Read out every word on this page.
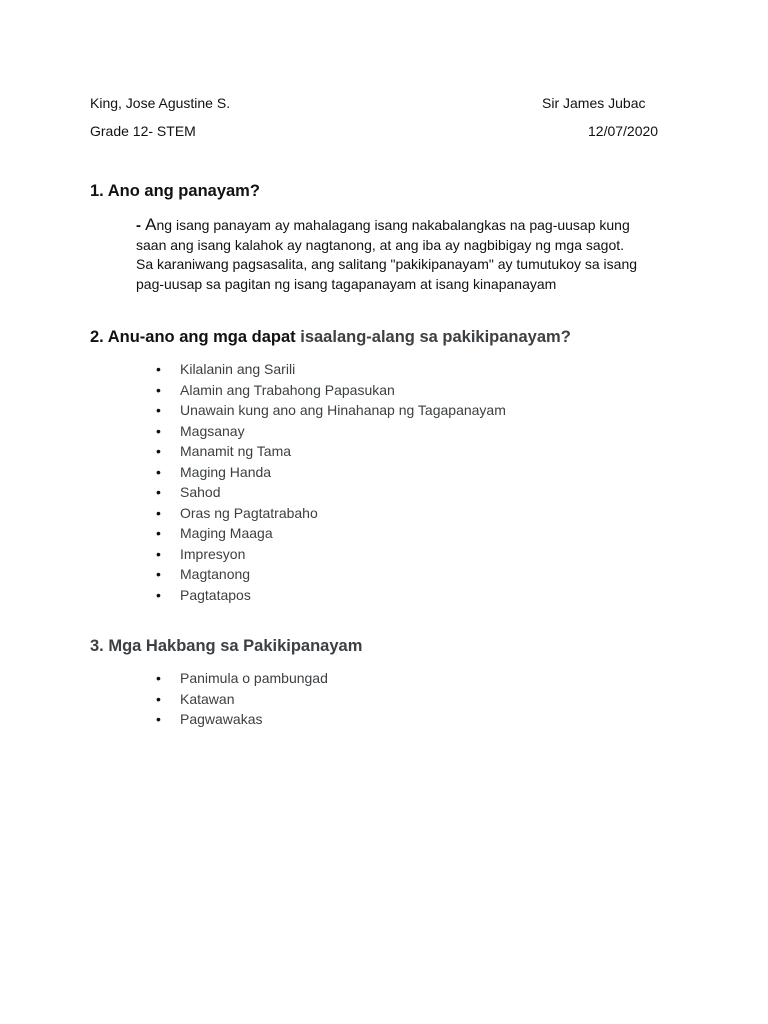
King, Jose Agustine S.	Sir James Jubac
Grade 12- STEM	12/07/2020
1. Ano ang panayam?
- Ang isang panayam ay mahalagang isang nakabalangkas na pag-uusap kung
saan ang isang kalahok ay nagtanong, at ang iba ay nagbibigay ng mga sagot.
Sa karaniwang pagsasalita, ang salitang "pakikipanayam" ay tumutukoy sa isang
pag-uusap sa pagitan ng isang tagapanayam at isang kinapanayam
2. Anu-ano ang mga dapat isaalang-alang sa pakikipanayam?
•	Kilalanin ang Sarili
•	Alamin ang Trabahong Papasukan
•	Unawain kung ano ang Hinahanap ng Tagapanayam
•	Magsanay
•	Manamit ng Tama
•	Maging Handa
•	Sahod
•	Oras ng Pagtatrabaho
•	Maging Maaga
•	Impresyon
•	Magtanong
•	Pagtatapos
3. Mga Hakbang sa Pakikipanayam
•	Panimula o pambungad
•	Katawan
•	Pagwawakas
